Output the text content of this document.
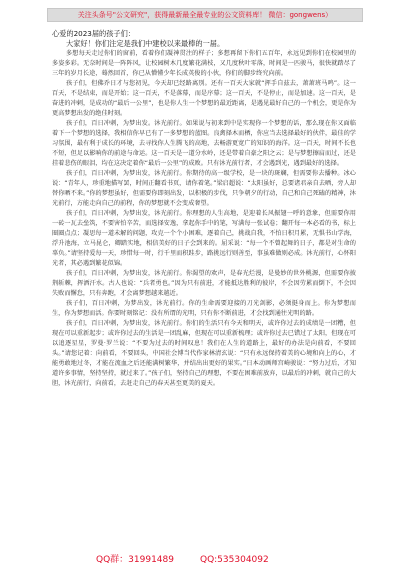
关注头条号"公文研究"，获得最新最全最专业的公文资料库！ 微信：gongwens）
心爱的2023届的孩子们：
大家好！你们注定是我们中建校以来最棒的一届。

多想每天走过你们的窗前，看着你们凝神贯注的样子；多想再留下你们五百年，永远见到你们在校园里的多姿多彩。无奈时间是一阵阵风，让校园树木几度繁花满枝，又几度秋叶零落，时间是一匹骏马，很快就踏尽了三年的岁月长途，蓦然回首，你已从懵懂少年长成英俊的小伙，你们的脚步终究向前。

孩子们，但佛乔日才与您初见，今天却已经路离别。还有一百天大家就“挥手自兹去，萧萧班马鸣”。这一百天，不是结束，而是开始；这一百天，不是落幕，而是序幕；这一百天，不是停止，而是加速。这一百天，是奋进的冲刺，是成功的“最后一公里”，也是你人生一个梦想的最近距离，是遇见最好自己的一个机会，更是你为更高梦想出发的绝佳时刻。

孩子们，百日冲刺，为梦出发。沐光前行。如果说与初来到中是实现你一个梦想的话，那么现在你又面临着下一个梦想的选择，我相信你早已有了一多梦想的蓝图。良禽择木而栖，你应当去选择最好的伙伴，最佳的学习氛围，最有利于成长的环境，去寻找你人生腾飞的高地，去畅游更宽广的知识的海洋。这一百天，时间不长也不短，但足以影响你的前途与命运。这一百天是一道分水岭，还是带着自豪之阳之云；是与梦想擦肩而过，还是挂着悲伤的眼泪，均在这决定着你“最后一公里”的成败。只有沐光前行者，才会遇到光，遇到最好的选择。

孩子们，百日冲刺，为梦出发，沐光前行。你期待的高一级学校，是一块的斑斓，但需要你去播种。冰心说：“青年人，珍重地描写罢，时间正翻看书页，请你着笔。”梁启超说：“太阳虽好，总要诸君亲自去晒，旁人却替你晒不来。”你的梦想虽好，但需要你即刻出发，以积极的步伐，只争朝夕的行动，自己和自己死磕的精神，沐光前行，方能走向自己的前程，你的梦想就不会变成奢望。

孩子们，百日冲刺，为梦出发，沐光前行。你理想的人生高地，是迎着长风振翅一呼的意象，但需要你用一砖一瓦去垒筑，不要害怕辛苦，而选择安逸，拿起你手中的笔，写满每一张试卷；翻开每一本必看的书，标上圈圈点点；凝思每一道未解的问题，攻克一个个小困难，逐着自己，挑战自我，不怕日积月累，无惧书山学海，浮升池海，立马昆仑，卿踏实地，相信美好的日子会到来的。屈采说：“每一个不曾起舞的日子，都是对生命的辜负。”请坚持爱每一天，珍惜每一时，行千里而积跬步，路挑远行则善至，事虽难做则必成。沐光前行，心怀阳光者，其必遇到繁花似锦。

孩子们，百日冲刺，为梦出发，沐光前行。你渴望的欢声，是春光烂漫，是曼妙的世外桃源，但需要你披荆斩棘，挥洒汗水。古人也说：“兵者勇也。”因为只有前进，才能抵达胜利的彼岸，不会因劳累而倒下，不会因失败而懈怠，只有奔跑，才会离梦想越来越近。

孩子们，百日冲刺，为梦出发，沐光前行。你的生命需要迎接的刀光剑影，必须挺身而上。你为梦想而生，你为梦想而活。你要时刻铭记：没有所谓的光明，只有你不断前进，才会找到通往光明的路。

孩子们，百日冲刺，为梦出发，沐光前行。你们的生活只有今天和明天，或许你过去的成绩是一团糟，但现在可以重新起步；或许你过去的生活是一团乱麻，但现在可以重新梳理；或许你过去已错过了太阳，但现在可以追逐星星，罗曼·罗兰说：“不要为过去的时间叹息！我们在人生的道路上，最好的办法是向前看，不要回头。”请您记着：向前看，不要回头，中国社会博当代作家林清玄说：“只有永远保持着美的心境和向上的心，才能勇敢地过冬，才能在流血之后还能满树繁华，并结出出更好的果实。”日本动画师宫崎骏说：“努力过后，才知道许多事情，坚持坚持，就过来了。”孩子们，坚持自己的理想，不要在困难前放弃，以最后的冲刺，就自己的大胆，沐光前行，向前看，去赶走自己的春天甚至更美的夏天。

QQ群：31991489	QQ:535304092
